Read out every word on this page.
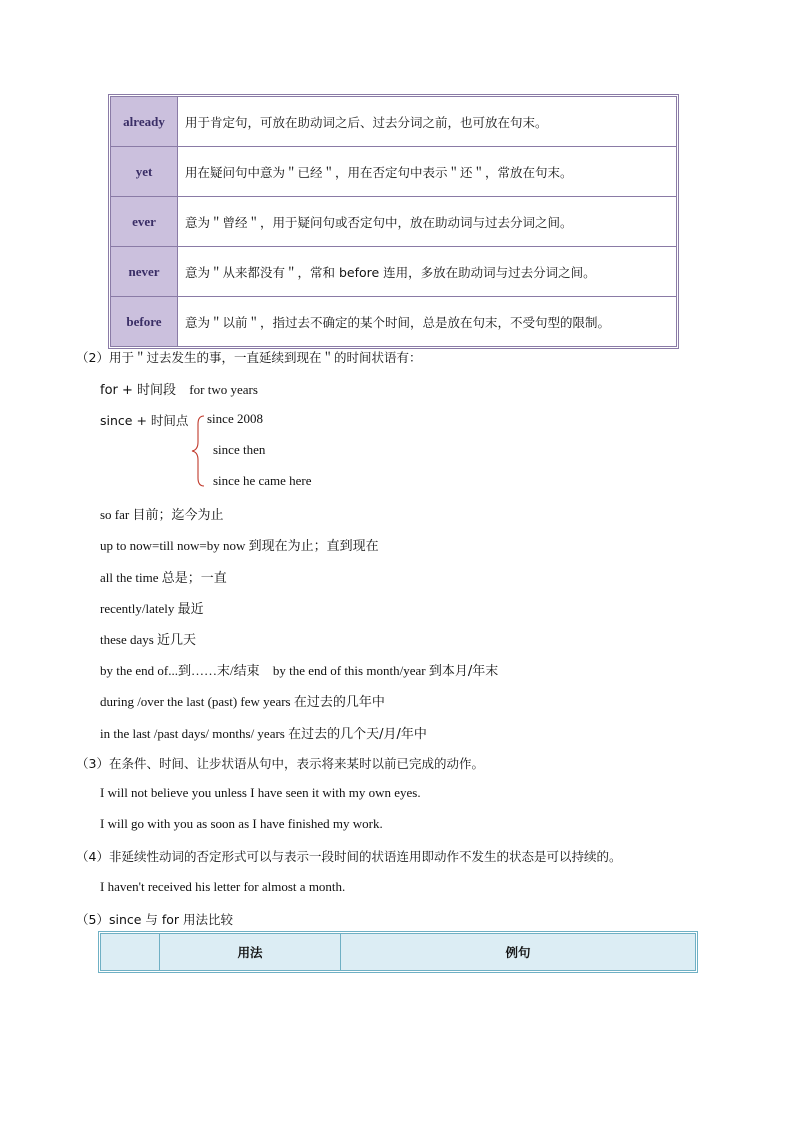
already	用于肯定句，可放在助动词之后、过去分词之前，也可放在句末。
yet	用在疑问句中意为＂已经＂，用在否定句中表示＂还＂，常放在句末。
ever	意为＂曾经＂，用于疑问句或否定句中，放在助动词与过去分词之间。
never	意为＂从来都没有＂，常和 before 连用，多放在助动词与过去分词之间。
before	意为＂以前＂，指过去不确定的某个时间，总是放在句末，不受句型的限制。
（2）用于＂过去发生的事，一直延续到现在＂的时间状语有：
for + 时间段 for two years
since + 时间点 since 2008
since then
since he came here
so far 目前；迄今为止
up to now=till now=by now 到现在为止；直到现在
all the time 总是；一直
recently/lately 最近
these days 近几天
by the end of...到……末/结束 by the end of this month/year 到本月/年末
during /over the last (past) few years 在过去的几年中
in the last /past days/ months/ years 在过去的几个天/月/年中
（3）在条件、时间、让步状语从句中，表示将来某时以前已完成的动作。
I will not believe you unless I have seen it with my own eyes.
I will go with you as soon as I have finished my work.
（4）非延续性动词的否定形式可以与表示一段时间的状语连用即动作不发生的状态是可以持续的。
I haven't received his letter for almost a month.
（5）since 与 for 用法比较
	用法	例句
